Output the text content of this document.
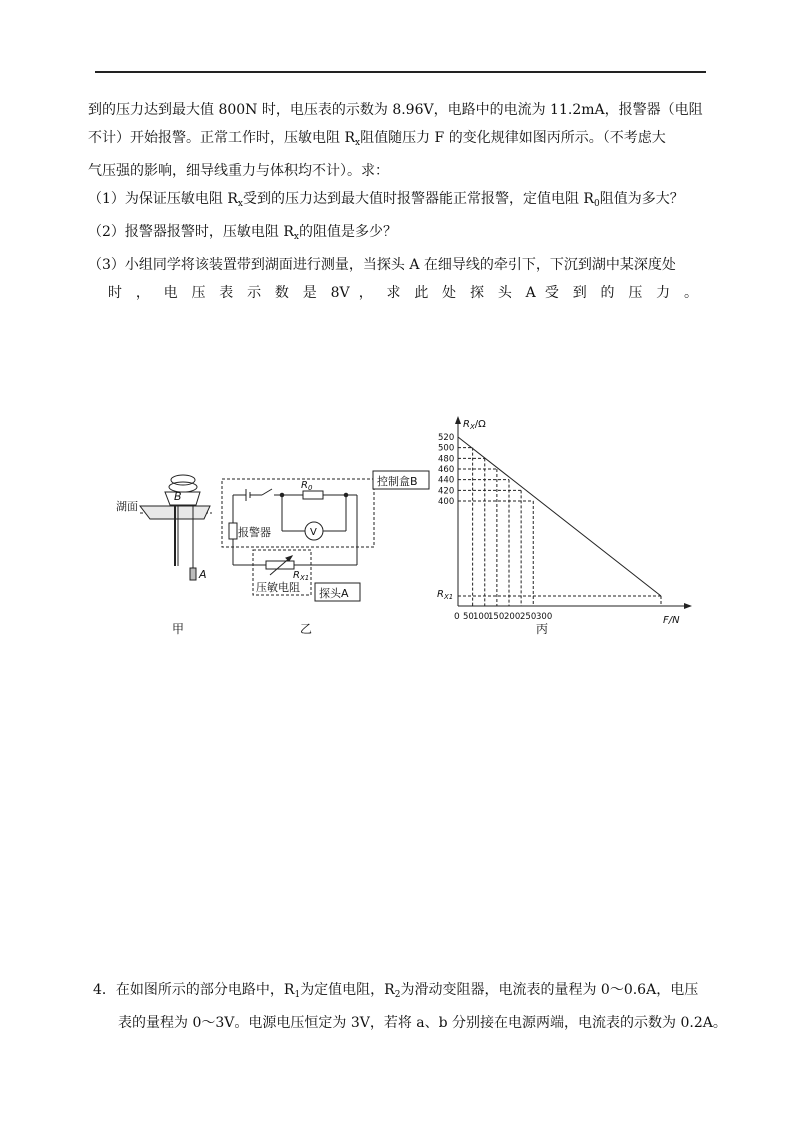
到的压力达到最大值 800N 时，电压表的示数为 8.96V，电路中的电流为 11.2mA，报警器（电阻
不计）开始报警。正常工作时，压敏电阻 $R_x$阻值随压力 F 的变化规律如图丙所示。（不考虑大
气压强的影响，细导线重力与体积均不计）。求：
（1）为保证压敏电阻 $R_x$受到的压力达到最大值时报警器能正常报警，定值电阻 $R_0$阻值为多大？
（2）报警器报警时，压敏电阻 $R_x$的阻值是多少？
（3）小组同学将该装置带到湖面进行测量，当探头 A 在细导线的牵引下，下沉到湖中某深度处
时 ， 电 压 表 示 数 是 8V ， 求 此 处 探 头 A 受 到 的 压 力 。
湖面
B
A
甲
$R_0$
V
报警器
控制盒B
$R_X1$
压敏电阻 探头A
乙
520
500
480
460
440
420
400
50 100
150 200 250 300
$R_X/\Omega$
F/N
$R_{X1}$
0
丙
4．在如图所示的部分电路中，$R_1$为定值电阻，$R_2$为滑动变阻器，电流表的量程为 0～0.6A，电压
表的量程为 0～3V。电源电压恒定为 3V，若将 a、b 分别接在电源两端，电流表的示数为 0.2A。
